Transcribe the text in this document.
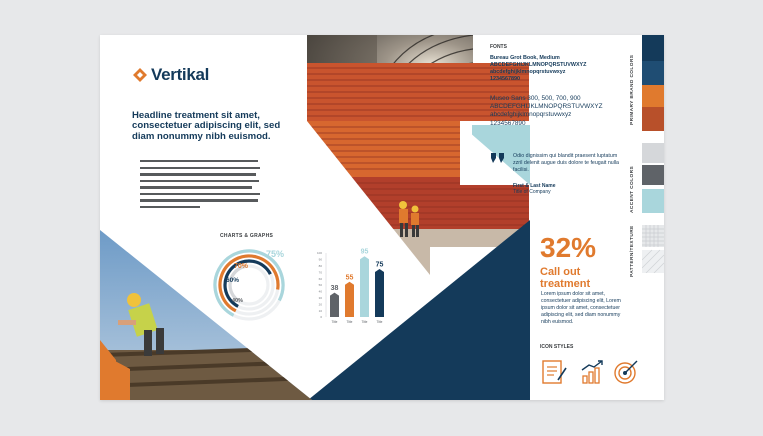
Vertikal
Headline treatment sit amet, consectetuer adipiscing elit, sed diam nonummy nibh euismod.
CHARTS & GRAPHS
75%
70%
60%
40%
100
90
80
70
60
50
40
30
20
10
0
38
Title
55
Title
95
Title
75
Title
FONTS
Bureau Grot Book, Medium
ABCDEFGHIJKLMNOPQRSTUVWXYZ
abcdefghijklmnopqrstuvwxyz
1234567890
Museo Sans 300, 500, 700, 900
ABCDEFGHIJKLMNOPQRSTUVWXYZ
abcdefghijklmnopqrstuvwxyz
1234567890
Odio dignissim qui blandit praesent luptatum zzril delenit augue duis dolore te feugait nulla facilisi.
First & Last Name
Title of Company
32%
Call out treatment
Lorem ipsum dolor sit amet, consectetuer adipiscing elit, Lorem ipsum dolor sit amet, consectetuer adipiscing elit, sed diam nonummy nibh euismod.
ICON STYLES
PRIMARY BRAND COLORS
ACCENT COLORS
PATTERN/TEXTURE
